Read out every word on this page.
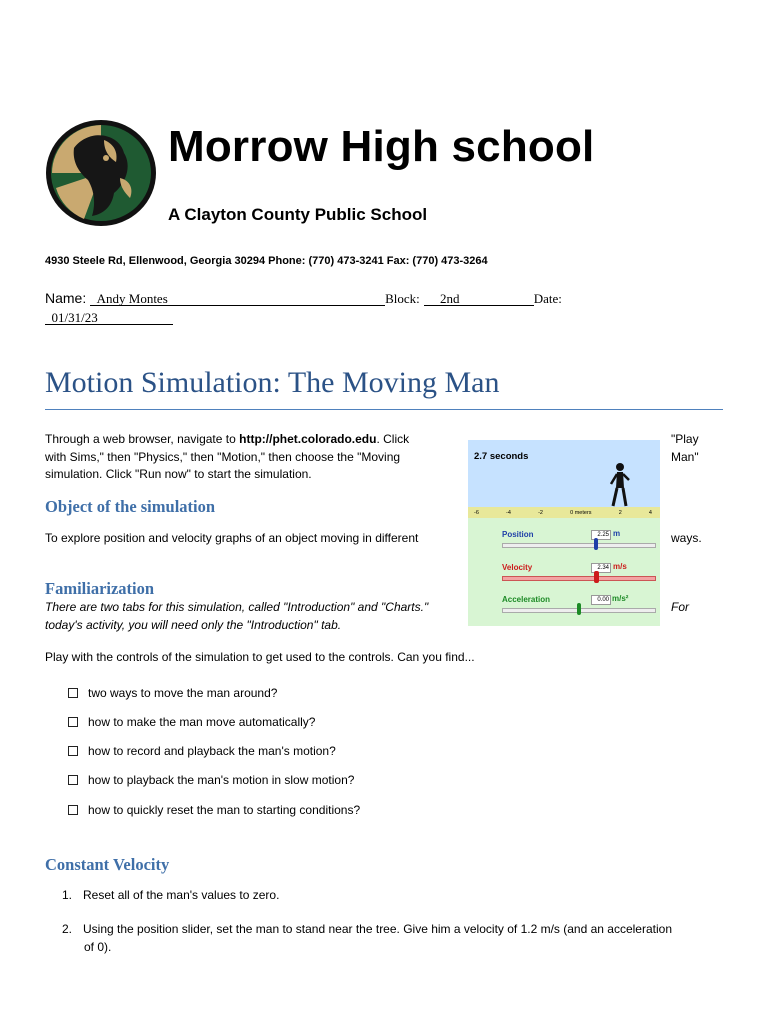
Morrow High school
A Clayton County Public School
4930 Steele Rd, Ellenwood, Georgia 30294 Phone: (770) 473-3241 Fax: (770) 473-3264
Name: Andy Montes	Block: 2nd	Date:
01/31/23
Motion Simulation: The Moving Man
Through a web browser, navigate to http://phet.colorado.edu. Click
with Sims," then "Physics," then "Motion," then choose the "Moving
simulation. Click "Run now" to start the simulation.
"Play
Man"
Object of the simulation
To explore position and velocity graphs of an object moving in different	ways.
Familiarization
There are two tabs for this simulation, called "Introduction" and "Charts."	For
today's activity, you will need only the "Introduction" tab.
2.7 seconds
-6	-4	-2	0 meters	2	4
Position	2.25 m
Velocity	2.34 m/s
Acceleration	0.00 m/s²
Play with the controls of the simulation to get used to the controls. Can you find...
two ways to move the man around?
how to make the man move automatically?
how to record and playback the man's motion?
how to playback the man's motion in slow motion?
how to quickly reset the man to starting conditions?
Constant Velocity
1. Reset all of the man's values to zero.
2. Using the position slider, set the man to stand near the tree. Give him a velocity of 1.2 m/s (and an acceleration
of 0).
